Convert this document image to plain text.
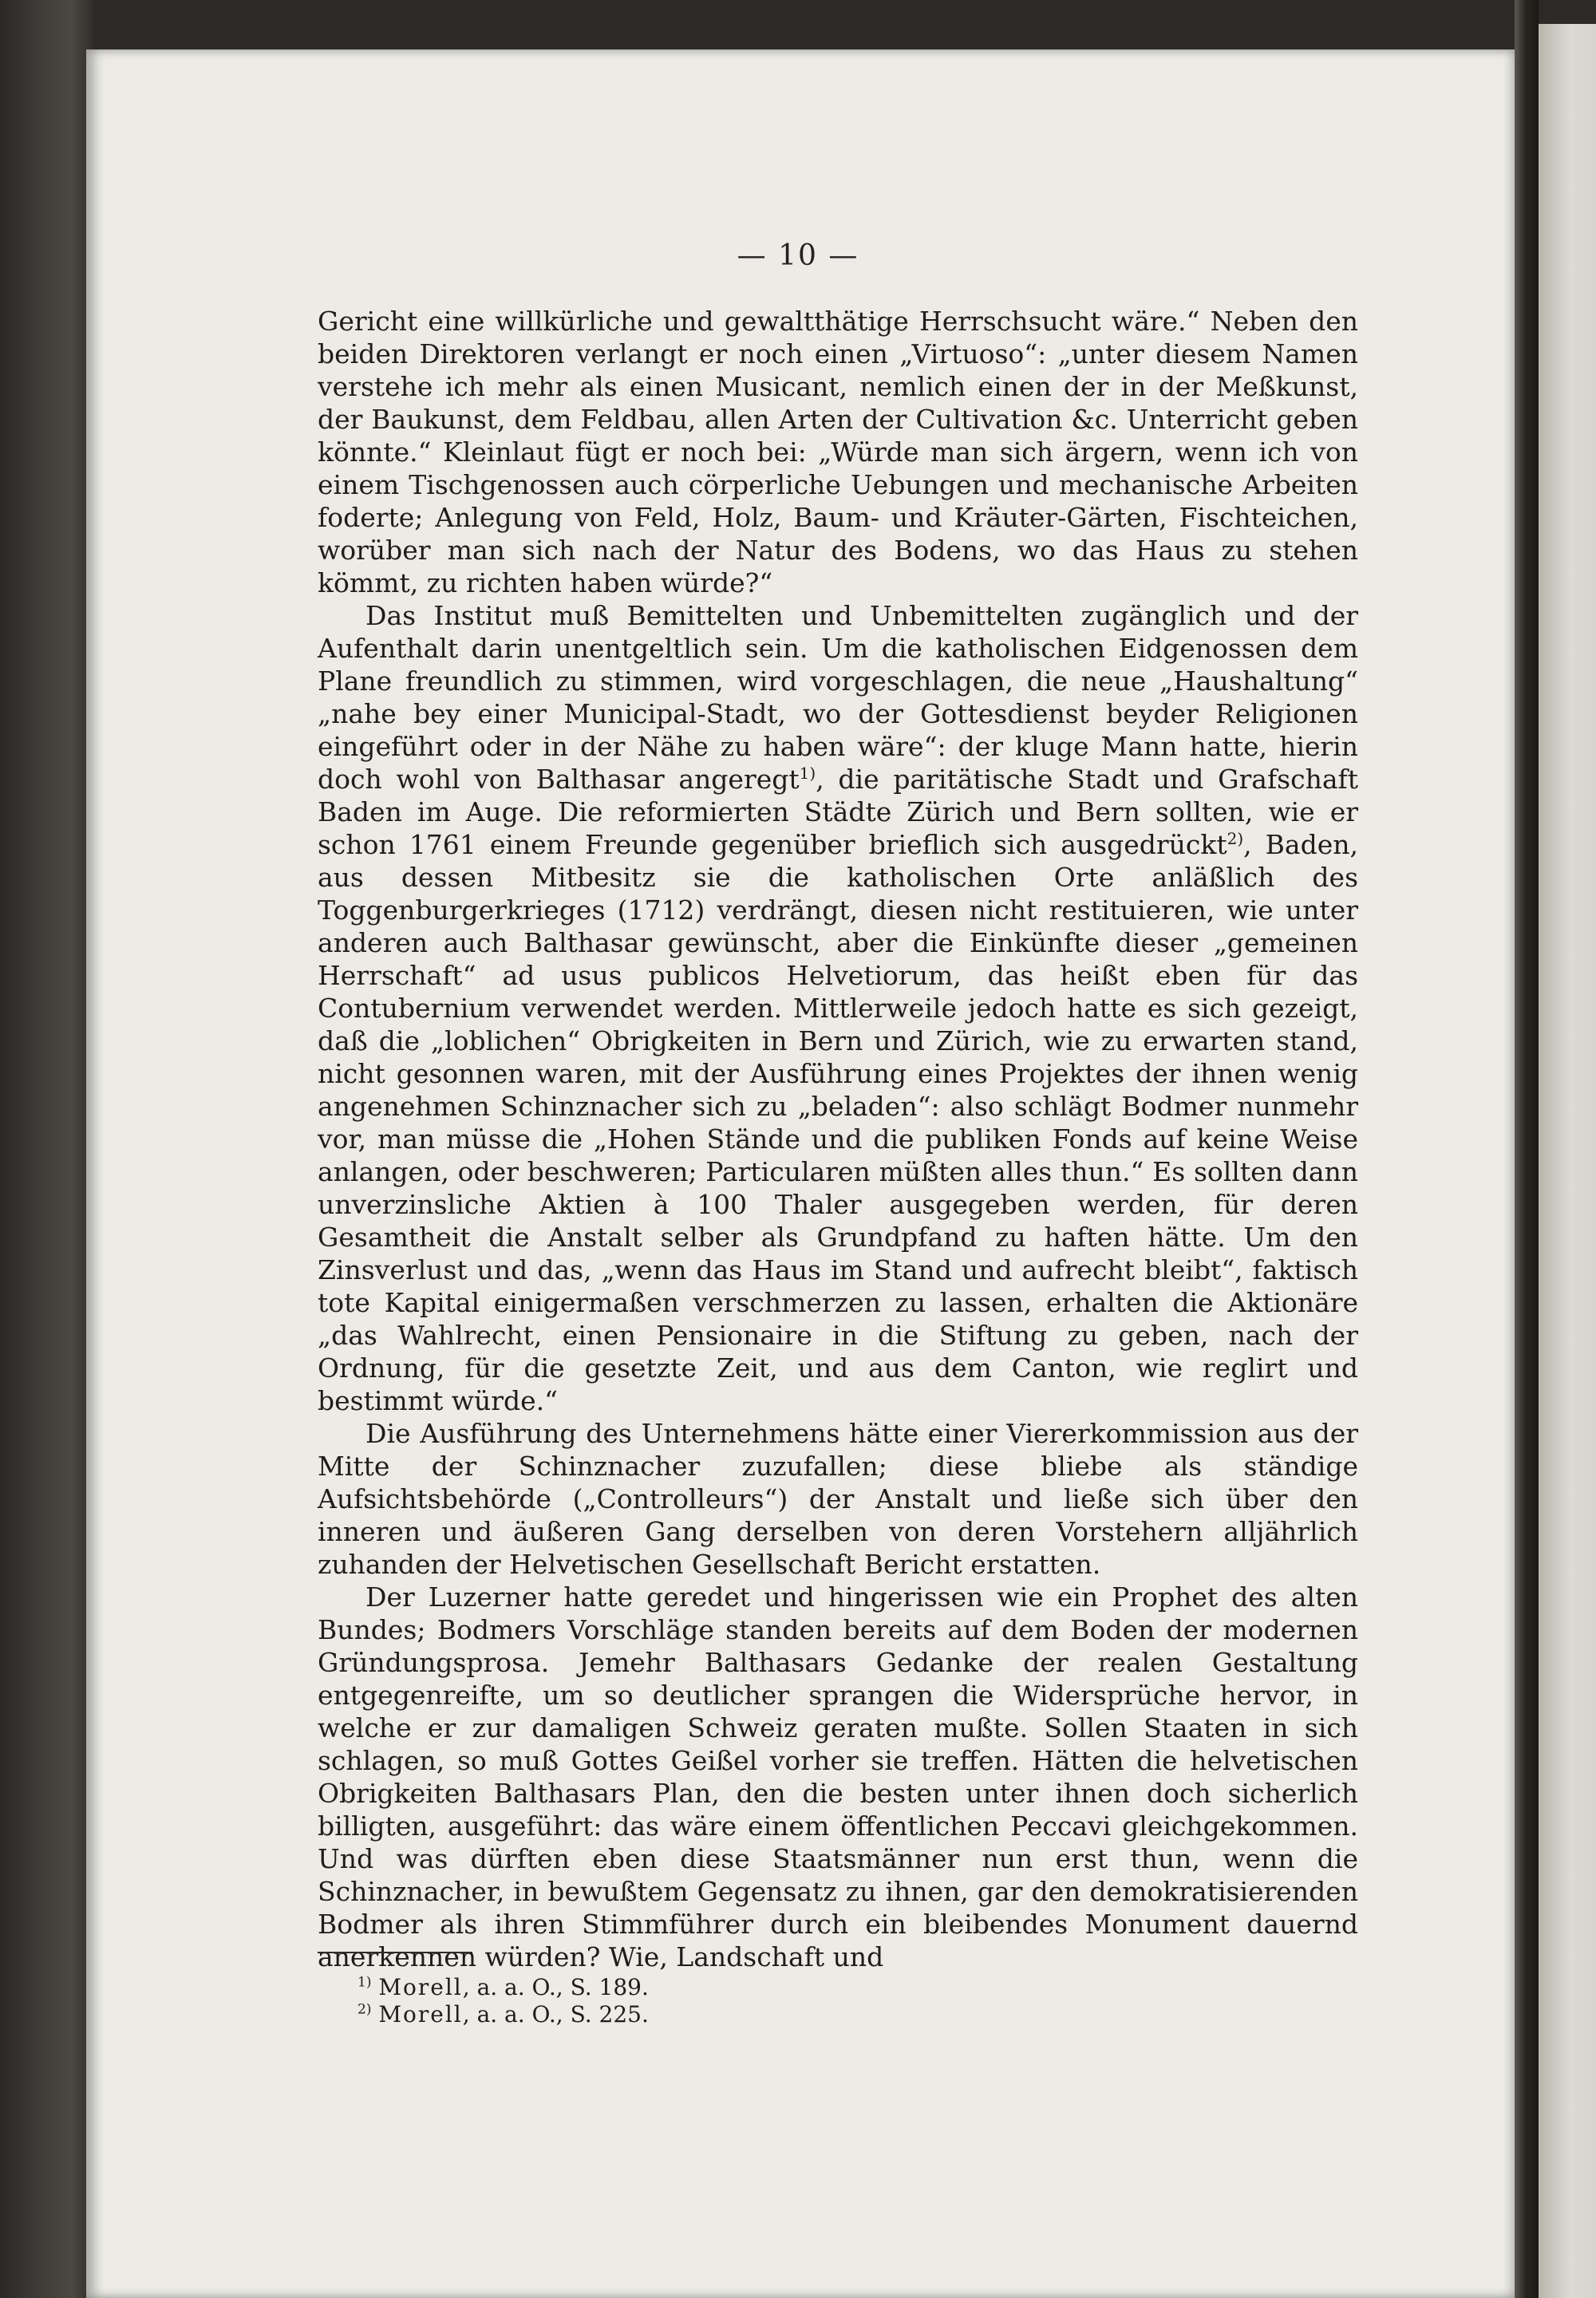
— 10 —

Gericht eine willkürliche und gewaltthätige Herrschsucht wäre.“ Neben den beiden Direktoren verlangt er noch einen „Virtuoso“: „unter diesem Namen verstehe ich mehr als einen Musicant, nemlich einen der in der Meßkunst, der Baukunst, dem Feldbau, allen Arten der Cultivation &c. Unterricht geben könnte.“ Kleinlaut fügt er noch bei: „Würde man sich ärgern, wenn ich von einem Tischgenossen auch cörperliche Uebungen und mechanische Arbeiten foderte; Anlegung von Feld, Holz, Baum- und Kräuter-Gärten, Fischteichen, worüber man sich nach der Natur des Bodens, wo das Haus zu stehen kömmt, zu richten haben würde?“

Das Institut muß Bemittelten und Unbemittelten zugänglich und der Aufenthalt darin unentgeltlich sein. Um die katholischen Eidgenossen dem Plane freundlich zu stimmen, wird vorgeschlagen, die neue „Haushaltung“ „nahe bey einer Municipal-Stadt, wo der Gottesdienst beyder Religionen eingeführt oder in der Nähe zu haben wäre“: der kluge Mann hatte, hierin doch wohl von Balthasar angeregt$^{1)}$, die paritätische Stadt und Grafschaft Baden im Auge. Die reformierten Städte Zürich und Bern sollten, wie er schon 1761 einem Freunde gegenüber brieflich sich ausgedrückt$^{2)}$, Baden, aus dessen Mitbesitz sie die katholischen Orte anläßlich des Toggenburgerkrieges (1712) verdrängt, diesen nicht restituieren, wie unter anderen auch Balthasar gewünscht, aber die Einkünfte dieser „gemeinen Herrschaft“ ad usus publicos Helvetiorum, das heißt eben für das Contubernium verwendet werden. Mittlerweile jedoch hatte es sich gezeigt, daß die „loblichen“ Obrigkeiten in Bern und Zürich, wie zu erwarten stand, nicht gesonnen waren, mit der Ausführung eines Projektes der ihnen wenig angenehmen Schinznacher sich zu „beladen“: also schlägt Bodmer nunmehr vor, man müsse die „Hohen Stände und die publiken Fonds auf keine Weise anlangen, oder beschweren; Particularen müßten alles thun.“ Es sollten dann unverzinsliche Aktien à 100 Thaler ausgegeben werden, für deren Gesamtheit die Anstalt selber als Grundpfand zu haften hätte. Um den Zinsverlust und das, „wenn das Haus im Stand und aufrecht bleibt“, faktisch tote Kapital einigermaßen verschmerzen zu lassen, erhalten die Aktionäre „das Wahlrecht, einen Pensionaire in die Stiftung zu geben, nach der Ordnung, für die gesetzte Zeit, und aus dem Canton, wie reglirt und bestimmt würde.“

Die Ausführung des Unternehmens hätte einer Viererkommission aus der Mitte der Schinznacher zuzufallen; diese bliebe als ständige Aufsichtsbehörde („Controlleurs“) der Anstalt und ließe sich über den inneren und äußeren Gang derselben von deren Vorstehern alljährlich zuhanden der Helvetischen Gesellschaft Bericht erstatten.

Der Luzerner hatte geredet und hingerissen wie ein Prophet des alten Bundes; Bodmers Vorschläge standen bereits auf dem Boden der modernen Gründungsprosa. Jemehr Balthasars Gedanke der realen Gestaltung entgegenreifte, um so deutlicher sprangen die Widersprüche hervor, in welche er zur damaligen Schweiz geraten mußte. Sollen Staaten in sich schlagen, so muß Gottes Geißel vorher sie treffen. Hätten die helvetischen Obrigkeiten Balthasars Plan, den die besten unter ihnen doch sicherlich billigten, ausgeführt: das wäre einem öffentlichen Peccavi gleichgekommen. Und was dürften eben diese Staatsmänner nun erst thun, wenn die Schinznacher, in bewußtem Gegensatz zu ihnen, gar den demokratisierenden Bodmer als ihren Stimmführer durch ein bleibendes Monument dauernd anerkennen würden? Wie, Landschaft und

$^{1)}$ Morell, a. a. O., S. 189.
$^{2)}$ Morell, a. a. O., S. 225.
